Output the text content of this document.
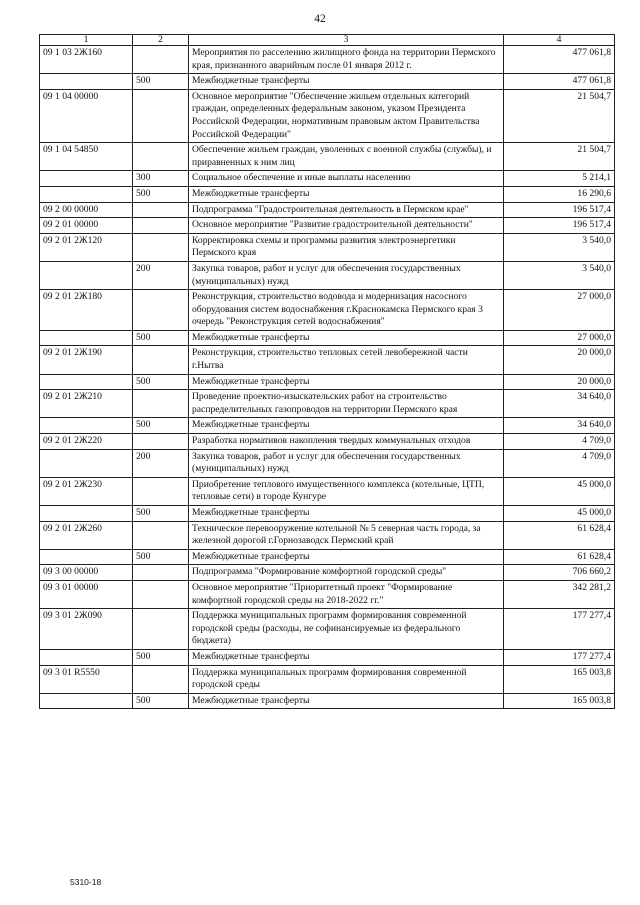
42
1	2	3	4
09 1 03 2Ж160		Мероприятия по расселению жилищного фонда на территории Пермского края, признанного аварийным после 01 января 2012 г.	477 061,8
	500	Межбюджетные трансферты	477 061,8
09 1 04 00000		Основное мероприятие "Обеспечение жильем отдельных категорий граждан, определенных федеральным законом, указом Президента Российской Федерации, нормативным правовым актом Правительства Российской Федерации"	21 504,7
09 1 04 54850		Обеспечение жильем граждан, уволенных с военной службы (службы), и приравненных к ним лиц	21 504,7
	300	Социальное обеспечение и иные выплаты населению	5 214,1
	500	Межбюджетные трансферты	16 290,6
09 2 00 00000		Подпрограмма "Градостроительная деятельность в Пермском крае"	196 517,4
09 2 01 00000		Основное мероприятие "Развитие градостроительной деятельности"	196 517,4
09 2 01 2Ж120		Корректировка схемы и программы развития электроэнергетики Пермского края	3 540,0
	200	Закупка товаров, работ и услуг для обеспечения государственных (муниципальных) нужд	3 540,0
09 2 01 2Ж180		Реконструкция, строительство водовода и модернизация насосного оборудования систем водоснабжения г.Краснокамска Пермского края 3 очередь "Реконструкция сетей водоснабжения"	27 000,0
	500	Межбюджетные трансферты	27 000,0
09 2 01 2Ж190		Реконструкция, строительство тепловых сетей левобережной части г.Нытва	20 000,0
	500	Межбюджетные трансферты	20 000,0
09 2 01 2Ж210		Проведение проектно-изыскательских работ на строительство распределительных газопроводов на территории Пермского края	34 640,0
	500	Межбюджетные трансферты	34 640,0
09 2 01 2Ж220		Разработка нормативов накопления твердых коммунальных отходов	4 709,0
	200	Закупка товаров, работ и услуг для обеспечения государственных (муниципальных) нужд	4 709,0
09 2 01 2Ж230		Приобретение теплового имущественного комплекса (котельные, ЦТП, тепловые сети) в городе Кунгуре	45 000,0
	500	Межбюджетные трансферты	45 000,0
09 2 01 2Ж260		Техническое перевооружение котельной № 5 северная часть города, за железной дорогой г.Горнозаводск Пермский край	61 628,4
	500	Межбюджетные трансферты	61 628,4
09 3 00 00000		Подпрограмма "Формирование комфортной городской среды"	706 660,2
09 3 01 00000		Основное мероприятие "Приоритетный проект "Формирование комфортной городской среды на 2018-2022 гг."	342 281,2
09 3 01 2Ж090		Поддержка муниципальных программ формирования современной городской среды (расходы, не софинансируемые из федерального бюджета)	177 277,4
	500	Межбюджетные трансферты	177 277,4
09 3 01 R5550		Поддержка муниципальных программ формирования современной городской среды	165 003,8
	500	Межбюджетные трансферты	165 003,8
5310-18
